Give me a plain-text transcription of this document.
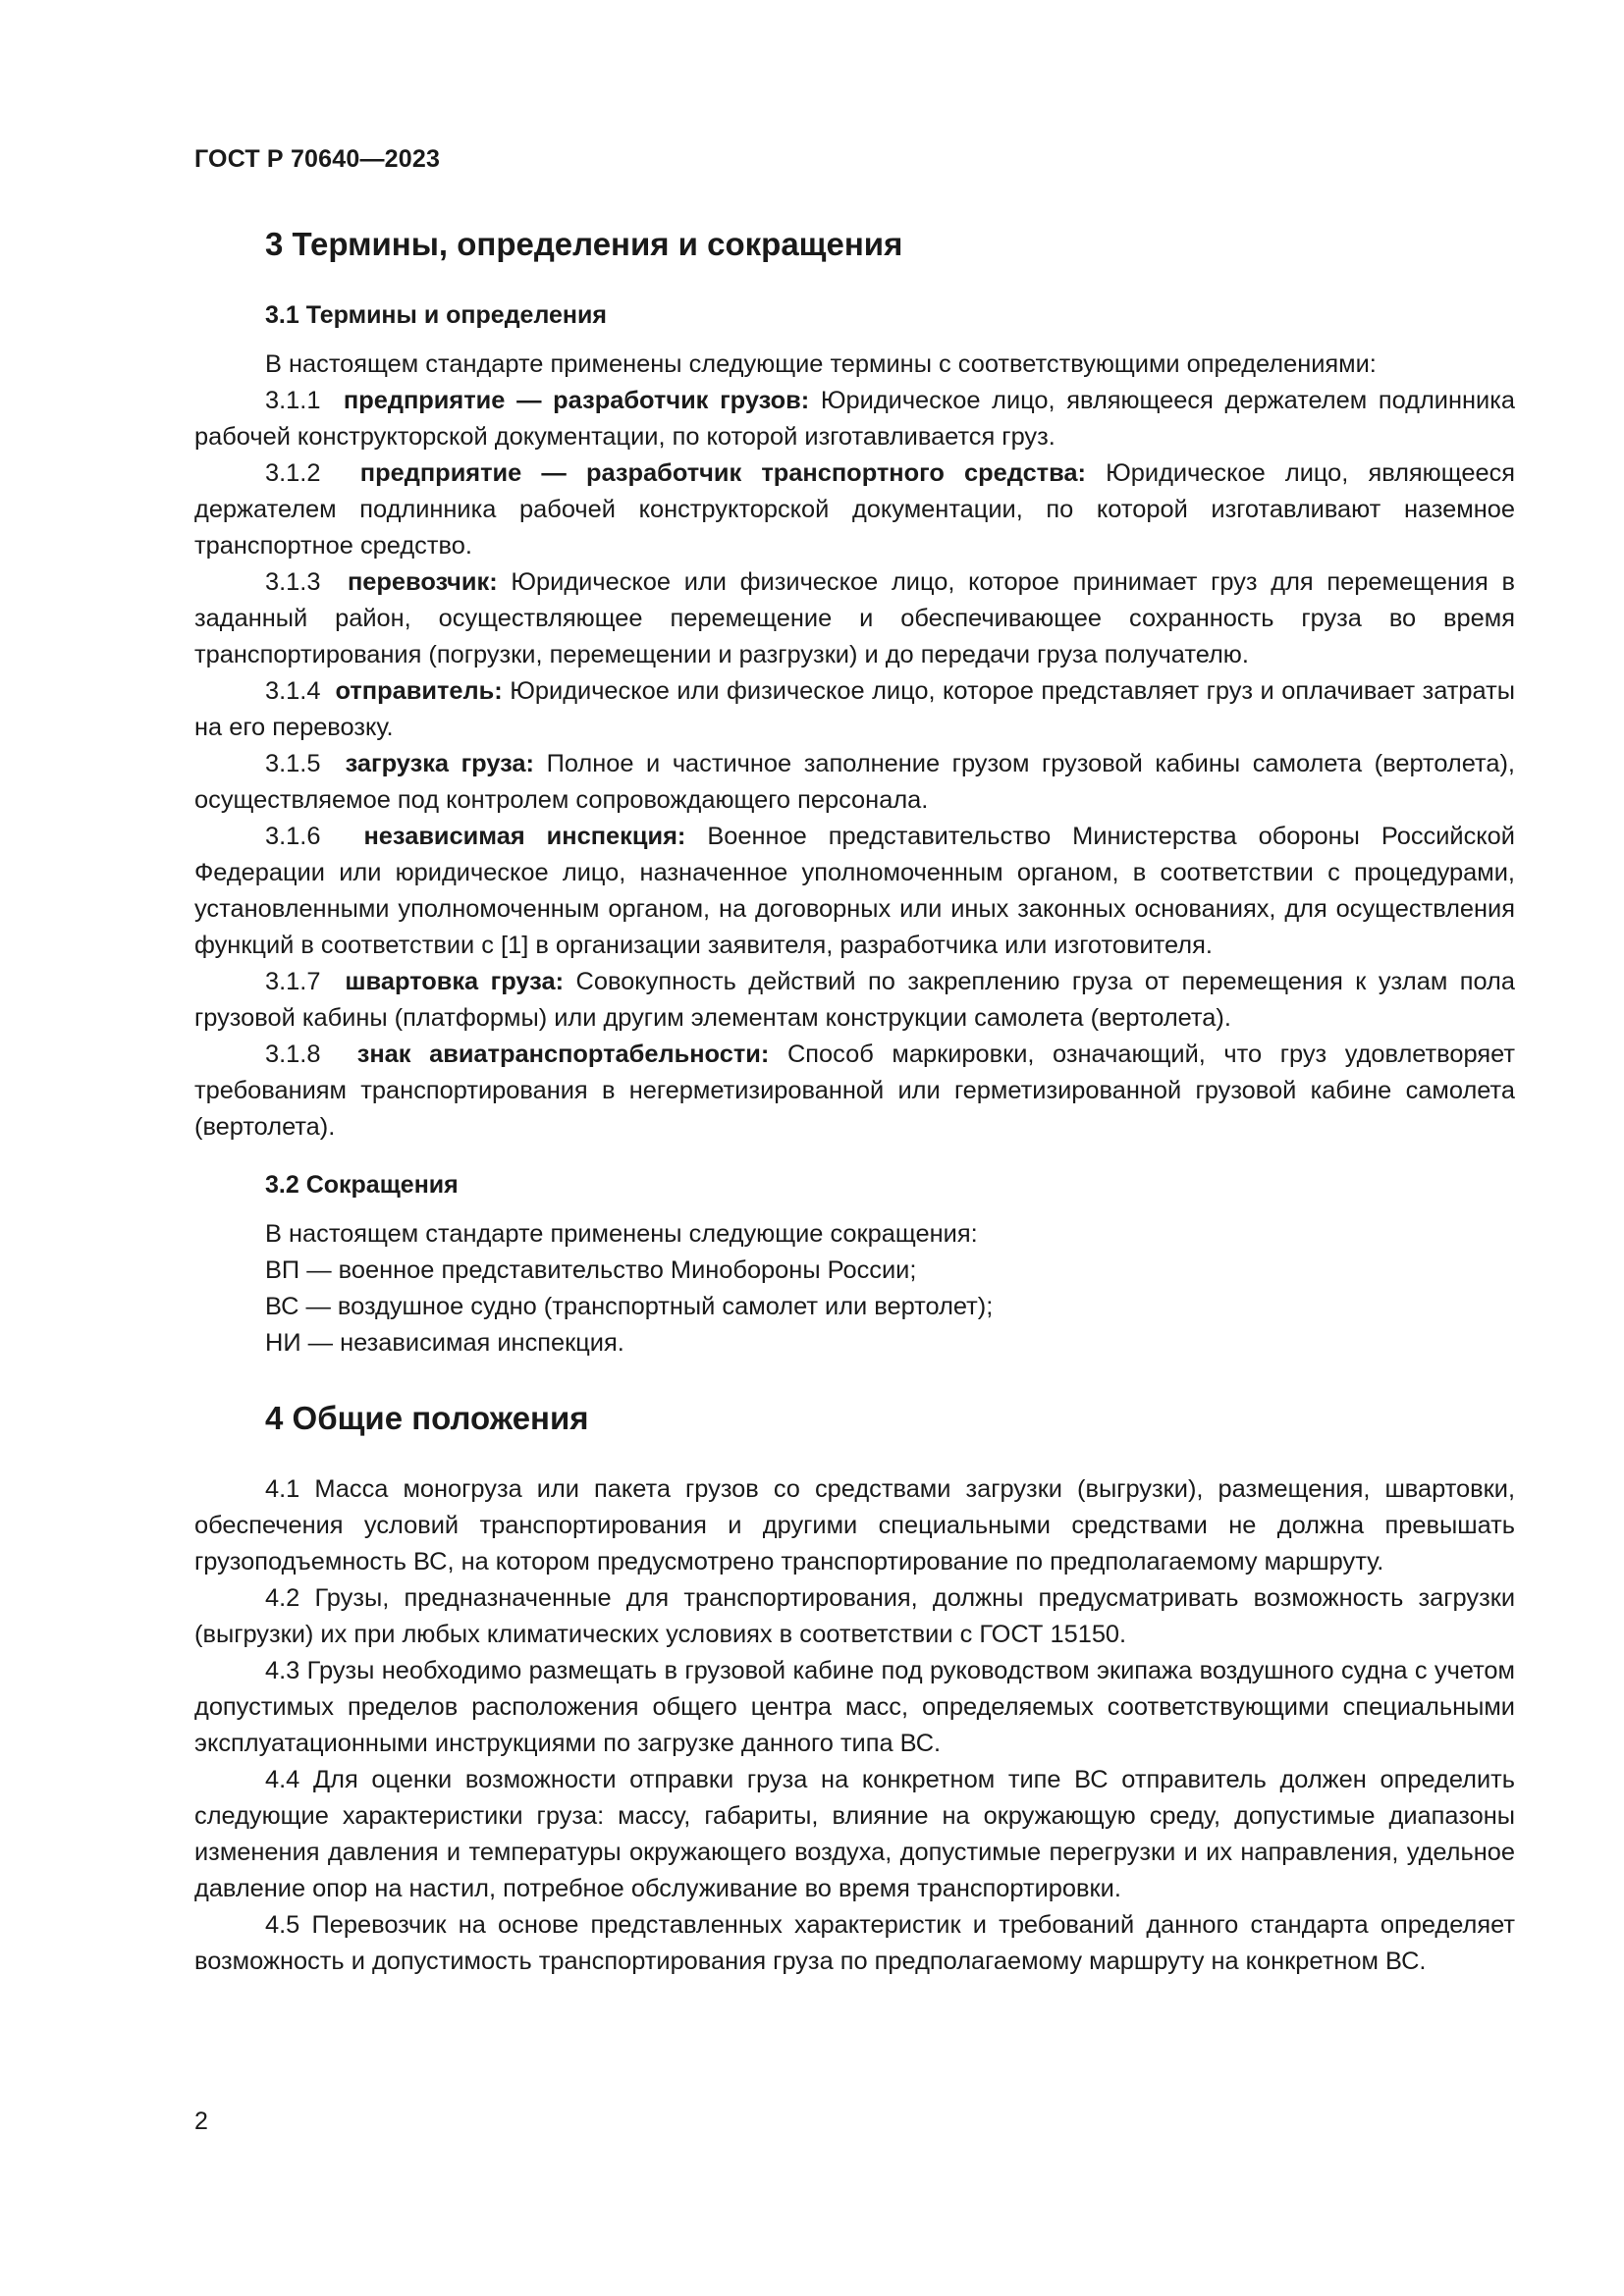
ГОСТ Р 70640—2023
3 Термины, определения и сокращения
3.1 Термины и определения

В настоящем стандарте применены следующие термины с соответствующими определениями:

3.1.1 предприятие — разработчик грузов: Юридическое лицо, являющееся держателем подлинника рабочей конструкторской документации, по которой изготавливается груз.

3.1.2 предприятие — разработчик транспортного средства: Юридическое лицо, являющееся держателем подлинника рабочей конструкторской документации, по которой изготавливают наземное транспортное средство.

3.1.3 перевозчик: Юридическое или физическое лицо, которое принимает груз для перемещения в заданный район, осуществляющее перемещение и обеспечивающее сохранность груза во время транспортирования (погрузки, перемещении и разгрузки) и до передачи груза получателю.

3.1.4 отправитель: Юридическое или физическое лицо, которое представляет груз и оплачивает затраты на его перевозку.

3.1.5 загрузка груза: Полное и частичное заполнение грузом грузовой кабины самолета (вертолета), осуществляемое под контролем сопровождающего персонала.

3.1.6 независимая инспекция: Военное представительство Министерства обороны Российской Федерации или юридическое лицо, назначенное уполномоченным органом, в соответствии с процедурами, установленными уполномоченным органом, на договорных или иных законных основаниях, для осуществления функций в соответствии с [1] в организации заявителя, разработчика или изготовителя.

3.1.7 швартовка груза: Совокупность действий по закреплению груза от перемещения к узлам пола грузовой кабины (платформы) или другим элементам конструкции самолета (вертолета).

3.1.8 знак авиатранспортабельности: Способ маркировки, означающий, что груз удовлетворяет требованиям транспортирования в негерметизированной или герметизированной грузовой кабине самолета (вертолета).

3.2 Сокращения

В настоящем стандарте применены следующие сокращения:

ВП — военное представительство Минобороны России;

ВС — воздушное судно (транспортный самолет или вертолет);

НИ — независимая инспекция.

4 Общие положения

4.1 Масса моногруза или пакета грузов со средствами загрузки (выгрузки), размещения, швартовки, обеспечения условий транспортирования и другими специальными средствами не должна превышать грузоподъемность ВС, на котором предусмотрено транспортирование по предполагаемому маршруту.

4.2 Грузы, предназначенные для транспортирования, должны предусматривать возможность загрузки (выгрузки) их при любых климатических условиях в соответствии с ГОСТ 15150.

4.3 Грузы необходимо размещать в грузовой кабине под руководством экипажа воздушного судна с учетом допустимых пределов расположения общего центра масс, определяемых соответствующими специальными эксплуатационными инструкциями по загрузке данного типа ВС.

4.4 Для оценки возможности отправки груза на конкретном типе ВС отправитель должен определить следующие характеристики груза: массу, габариты, влияние на окружающую среду, допустимые диапазоны изменения давления и температуры окружающего воздуха, допустимые перегрузки и их направления, удельное давление опор на настил, потребное обслуживание во время транспортировки.

4.5 Перевозчик на основе представленных характеристик и требований данного стандарта определяет возможность и допустимость транспортирования груза по предполагаемому маршруту на конкретном ВС.

2
